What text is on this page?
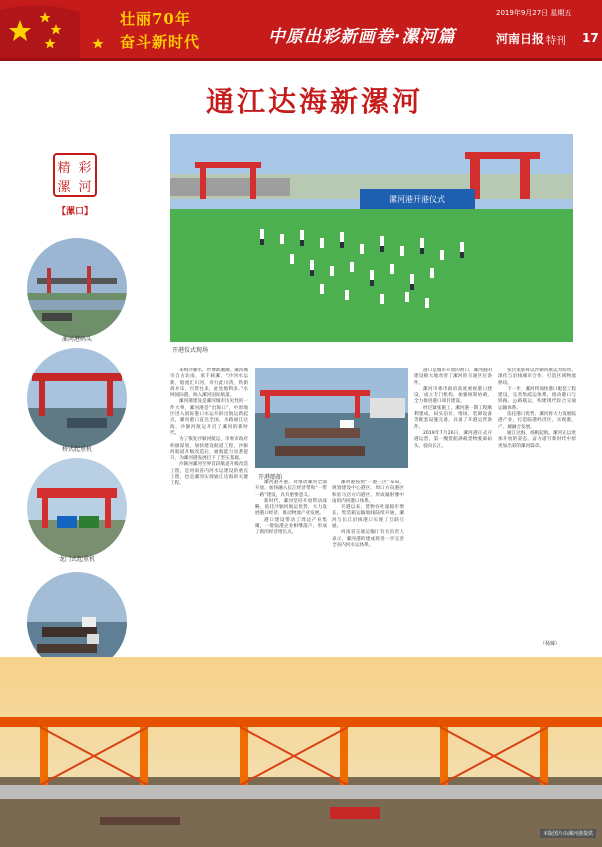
壮丽70年
奋斗新时代	中原出彩新画卷·漯河篇
2019年9月27日 星期五
河南日报 特刊 17
通江达海新漯河
精 彩
漯 河
【漯口】
漯河港码头
桥式起重机
龙门式起重机
漯河港开港仪式
开港仪式现场
开港船舶

来纳沙潮水，世博新湘潮。漯河城市自古北南，承千载漯，“沙河水运新，船流汇川河，舟行此川湾，铁街商并乐，百货往来，此处地利多。”水网国际港，海入漯河国际航道。

漯河港建设是漯河城市历史性的一件大事，漯河港是“出海口”，中原地区进入国际港口水运开辟出航运新起点，漯河港口直达全国，水路通江达海，沙颍河航运开启了漯河的新时代。

为了恢复沙颍河航运，市委市政府积极谋划，加快建设航道工程，沙颍河航道升级改造后，通航能力显著提升，为漯河港发展打下了坚实基础。

沙颍河漯河至界首段航道升级改造工程，是河南省内河水运建设的重点工程，也是漯河实现通江达海的关键工程。	漯河港开港，对推动漯河全面开放，加快融入长江经济带和“一带一路”建设，具有重要意义。

新时代，漯河坚持开放带动战略，依托沙颍河航运优势，大力发展港口经济，推动物流产业发展。

港口建设带动了周边产业集聚，一批临港企业相继落户，形成了新的经济增长点。

漯河港按照“一港三区”布局，规划建设中心港区、周口方向港区和驻马店方向港区，形成辐射豫中南的内河港口体系。

开港以来，货物吞吐量稳步增长，集装箱运输航线陆续开通，漯河与长江沿线港口实现了互联互通。

河南省交通运输厅有关负责人表示，漯河港的建成将进一步完善全省内河水运体系。

港口是城市开放的窗口，漯河港的建设极大地改善了漯河的交通区位条件。

漯河市委市政府高度重视港口建设，成立专门机构，加强统筹协调，全力推进港口项目建设。

经过紧张施工，漯河港一期工程顺利建成，码头泊位、堆场、装卸设备等配套设施完备，具备了开港运营条件。

2019年7月26日，漯河港正式开港运营，第一艘货船满载货物驶离码头，驶向长江。

张氏家族将以沙颍河航运为纽带，深化与沿线城市合作，打造区域物流枢纽。

下一步，漯河将加快港口配套工程建设，完善集疏运体系，推动港口与铁路、公路联运，构建现代综合交通运输体系。

依托港口优势，漯河将大力发展临港产业，打造临港经济区，实现港、产、城融合发展。

通江达海，扬帆起航。漯河正以更加开放的姿态，奋力谱写新时代中原更加出彩的漯河篇章。

（杨臻）
本版图片由漯河港提供
